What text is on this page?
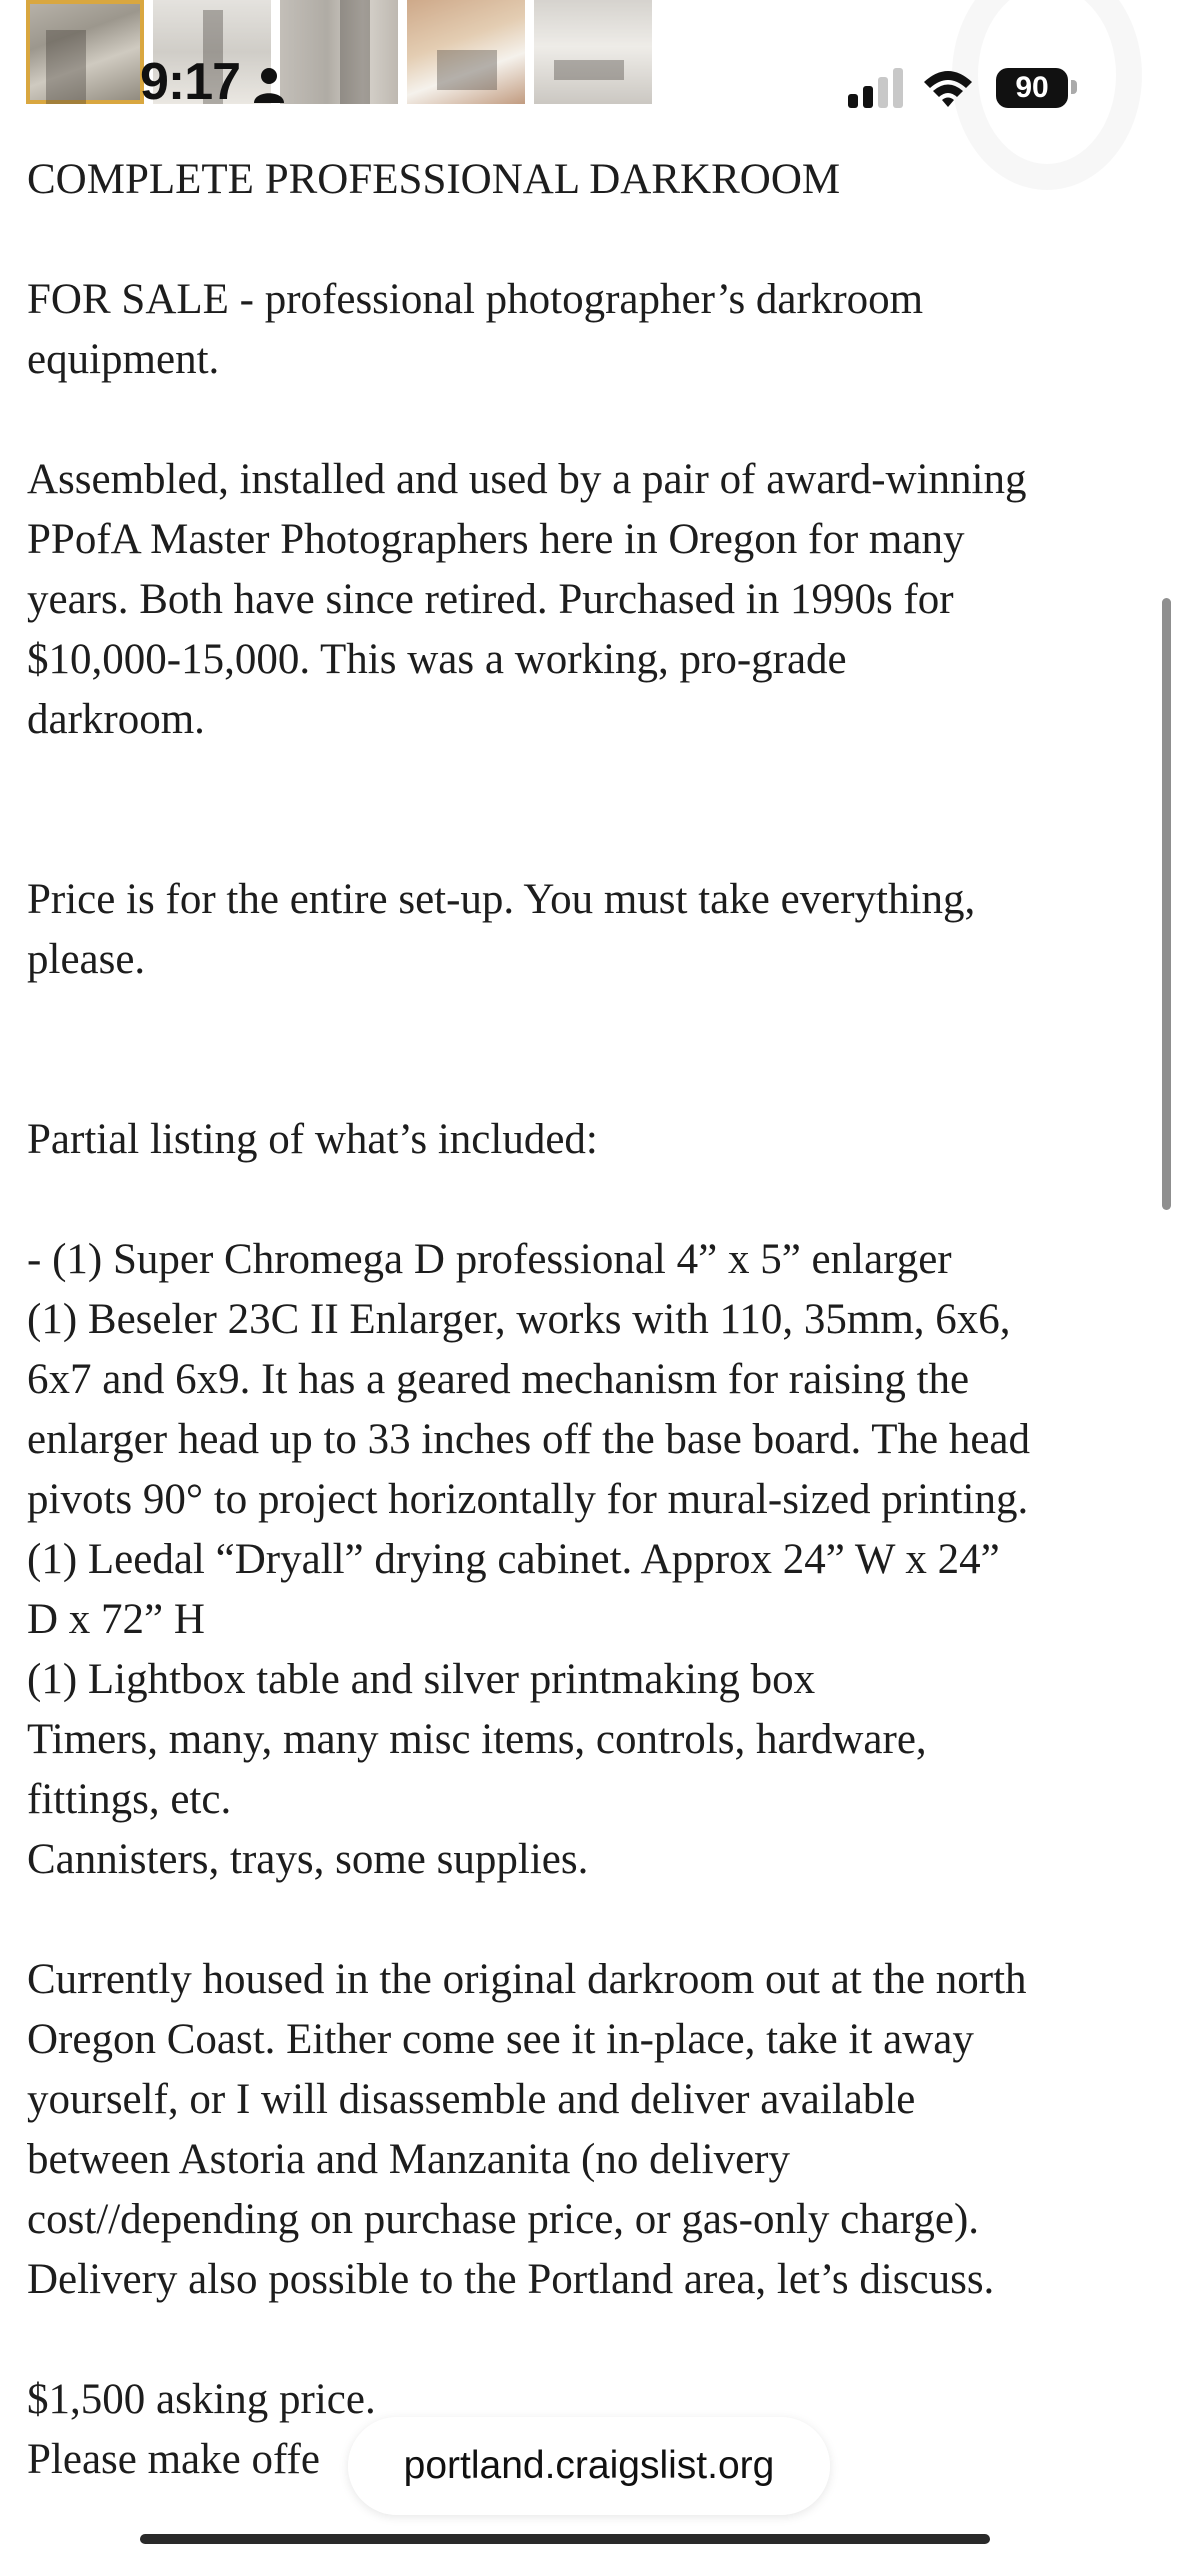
9:17	90

COMPLETE PROFESSIONAL DARKROOM

FOR SALE - professional photographer’s darkroom

equipment.

Assembled, installed and used by a pair of award-winning

PPofA Master Photographers here in Oregon for many

years. Both have since retired. Purchased in 1990s for

$10,000-15,000. This was a working, pro-grade

darkroom.

Price is for the entire set-up. You must take everything,

please.

Partial listing of what’s included:

- (1) Super Chromega D professional 4” x 5” enlarger

(1) Beseler 23C II Enlarger, works with 110, 35mm, 6x6,

6x7 and 6x9. It has a geared mechanism for raising the

enlarger head up to 33 inches off the base board. The head

pivots 90° to project horizontally for mural-sized printing.

(1) Leedal “Dryall” drying cabinet. Approx 24” W x 24”

D x 72” H

(1) Lightbox table and silver printmaking box

Timers, many, many misc items, controls, hardware,

fittings, etc.

Cannisters, trays, some supplies.

Currently housed in the original darkroom out at the north

Oregon Coast. Either come see it in-place, take it away

yourself, or I will disassemble and deliver available

between Astoria and Manzanita (no delivery

cost//depending on purchase price, or gas-only charge).

Delivery also possible to the Portland area, let’s discuss.

$1,500 asking price.

Please make offe	portland.craigslist.org
